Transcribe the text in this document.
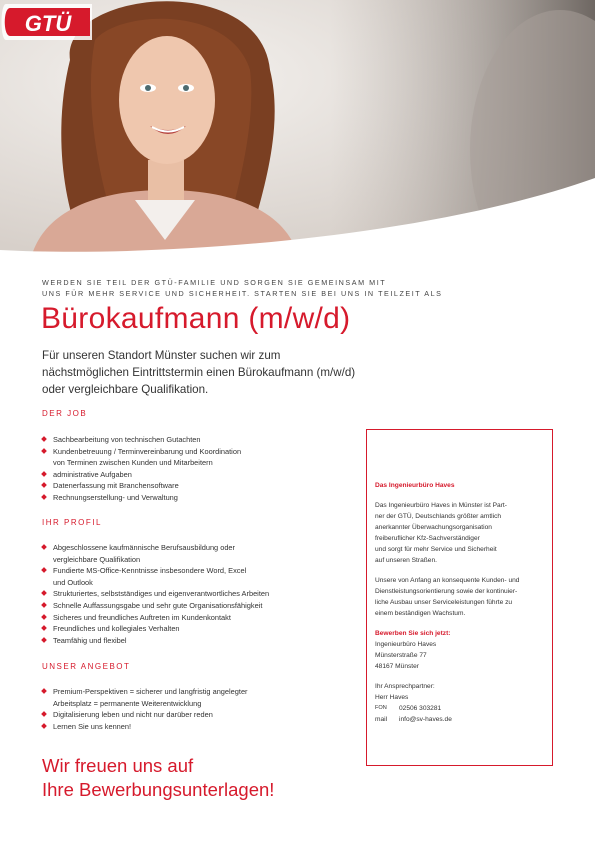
GTÜ
WERDEN SIE TEIL DER GTÜ-FAMILIE UND SORGEN SIE GEMEINSAM MIT
UNS FÜR MEHR SERVICE UND SICHERHEIT. STARTEN SIE BEI UNS IN TEILZEIT ALS
Bürokaufmann (m/w/d)
Für unseren Standort Münster suchen wir zum
nächstmöglichen Eintrittstermin einen Bürokaufmann (m/w/d)
oder vergleichbare Qualifikation.
DER JOB
Sachbearbeitung von technischen Gutachten
Kundenbetreuung / Terminvereinbarung und Koordination
von Terminen zwischen Kunden und Mitarbeitern
administrative Aufgaben
Datenerfassung mit Branchensoftware
Rechnungserstellung- und Verwaltung
IHR PROFIL
Abgeschlossene kaufmännische Berufsausbildung oder
vergleichbare Qualifikation
Fundierte MS-Office-Kenntnisse insbesondere Word, Excel
und Outlook
Strukturiertes, selbstständiges und eigenverantwortliches Arbeiten
Schnelle Auffassungsgabe und sehr gute Organisationsfähigkeit
Sicheres und freundliches Auftreten im Kundenkontakt
Freundliches und kollegiales Verhalten
Teamfähig und flexibel
UNSER ANGEBOT
Premium-Perspektiven = sicherer und langfristig angelegter
Arbeitsplatz = permanente Weiterentwicklung
Digitalisierung leben und nicht nur darüber reden
Lernen Sie uns kennen!
Wir freuen uns auf
Ihre Bewerbungsunterlagen!

Das Ingenieurbüro Haves

Das Ingenieurbüro Haves in Münster ist Part-
ner der GTÜ, Deutschlands größter amtlich
anerkannter Überwachungsorganisation
freiberuflicher Kfz-Sachverständiger
und sorgt für mehr Service und Sicherheit
auf unseren Straßen.

Unsere von Anfang an konsequente Kunden- und
Dienstleistungsorientierung sowie der kontinuier-
liche Ausbau unser Serviceleistungen führte zu
einem beständigen Wachstum.

Bewerben Sie sich jetzt:

Ingenieurbüro Haves
Münsterstraße 77
48167 Münster

Ihr Ansprechpartner:
Herr Haves
FON	02506 303281
mail	info@sv-haves.de
